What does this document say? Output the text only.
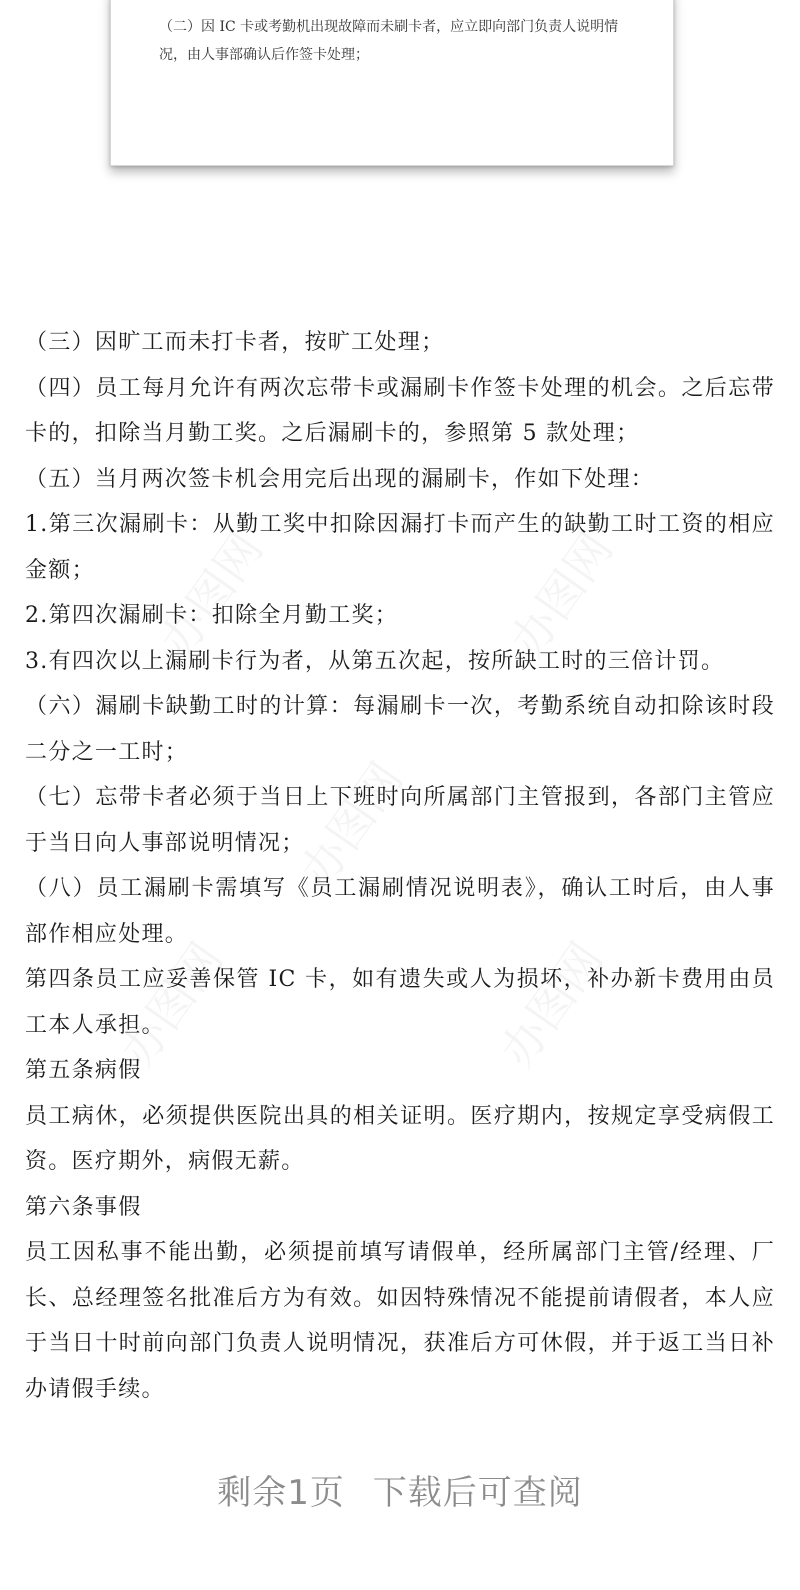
（二）因 IC 卡或考勤机出现故障而未刷卡者，应立即向部门负责人说明情况，由人事部确认后作签卡处理；

（三）因旷工而未打卡者，按旷工处理；

（四）员工每月允许有两次忘带卡或漏刷卡作签卡处理的机会。之后忘带卡的，扣除当月勤工奖。之后漏刷卡的，参照第 5 款处理；

（五）当月两次签卡机会用完后出现的漏刷卡，作如下处理：

1.第三次漏刷卡：从勤工奖中扣除因漏打卡而产生的缺勤工时工资的相应金额；

2.第四次漏刷卡：扣除全月勤工奖；

3.有四次以上漏刷卡行为者，从第五次起，按所缺工时的三倍计罚。

（六）漏刷卡缺勤工时的计算：每漏刷卡一次，考勤系统自动扣除该时段二分之一工时；

（七）忘带卡者必须于当日上下班时向所属部门主管报到，各部门主管应于当日向人事部说明情况；

（八）员工漏刷卡需填写《员工漏刷情况说明表》，确认工时后，由人事部作相应处理。

第四条员工应妥善保管 IC 卡，如有遗失或人为损坏，补办新卡费用由员工本人承担。

第五条病假

员工病休，必须提供医院出具的相关证明。医疗期内，按规定享受病假工资。医疗期外，病假无薪。

第六条事假

员工因私事不能出勤，必须提前填写请假单，经所属部门主管/经理、厂长、总经理签名批准后方为有效。如因特殊情况不能提前请假者，本人应于当日十时前向部门负责人说明情况，获准后方可休假，并于返工当日补办请假手续。

剩余1页 下载后可查阅
